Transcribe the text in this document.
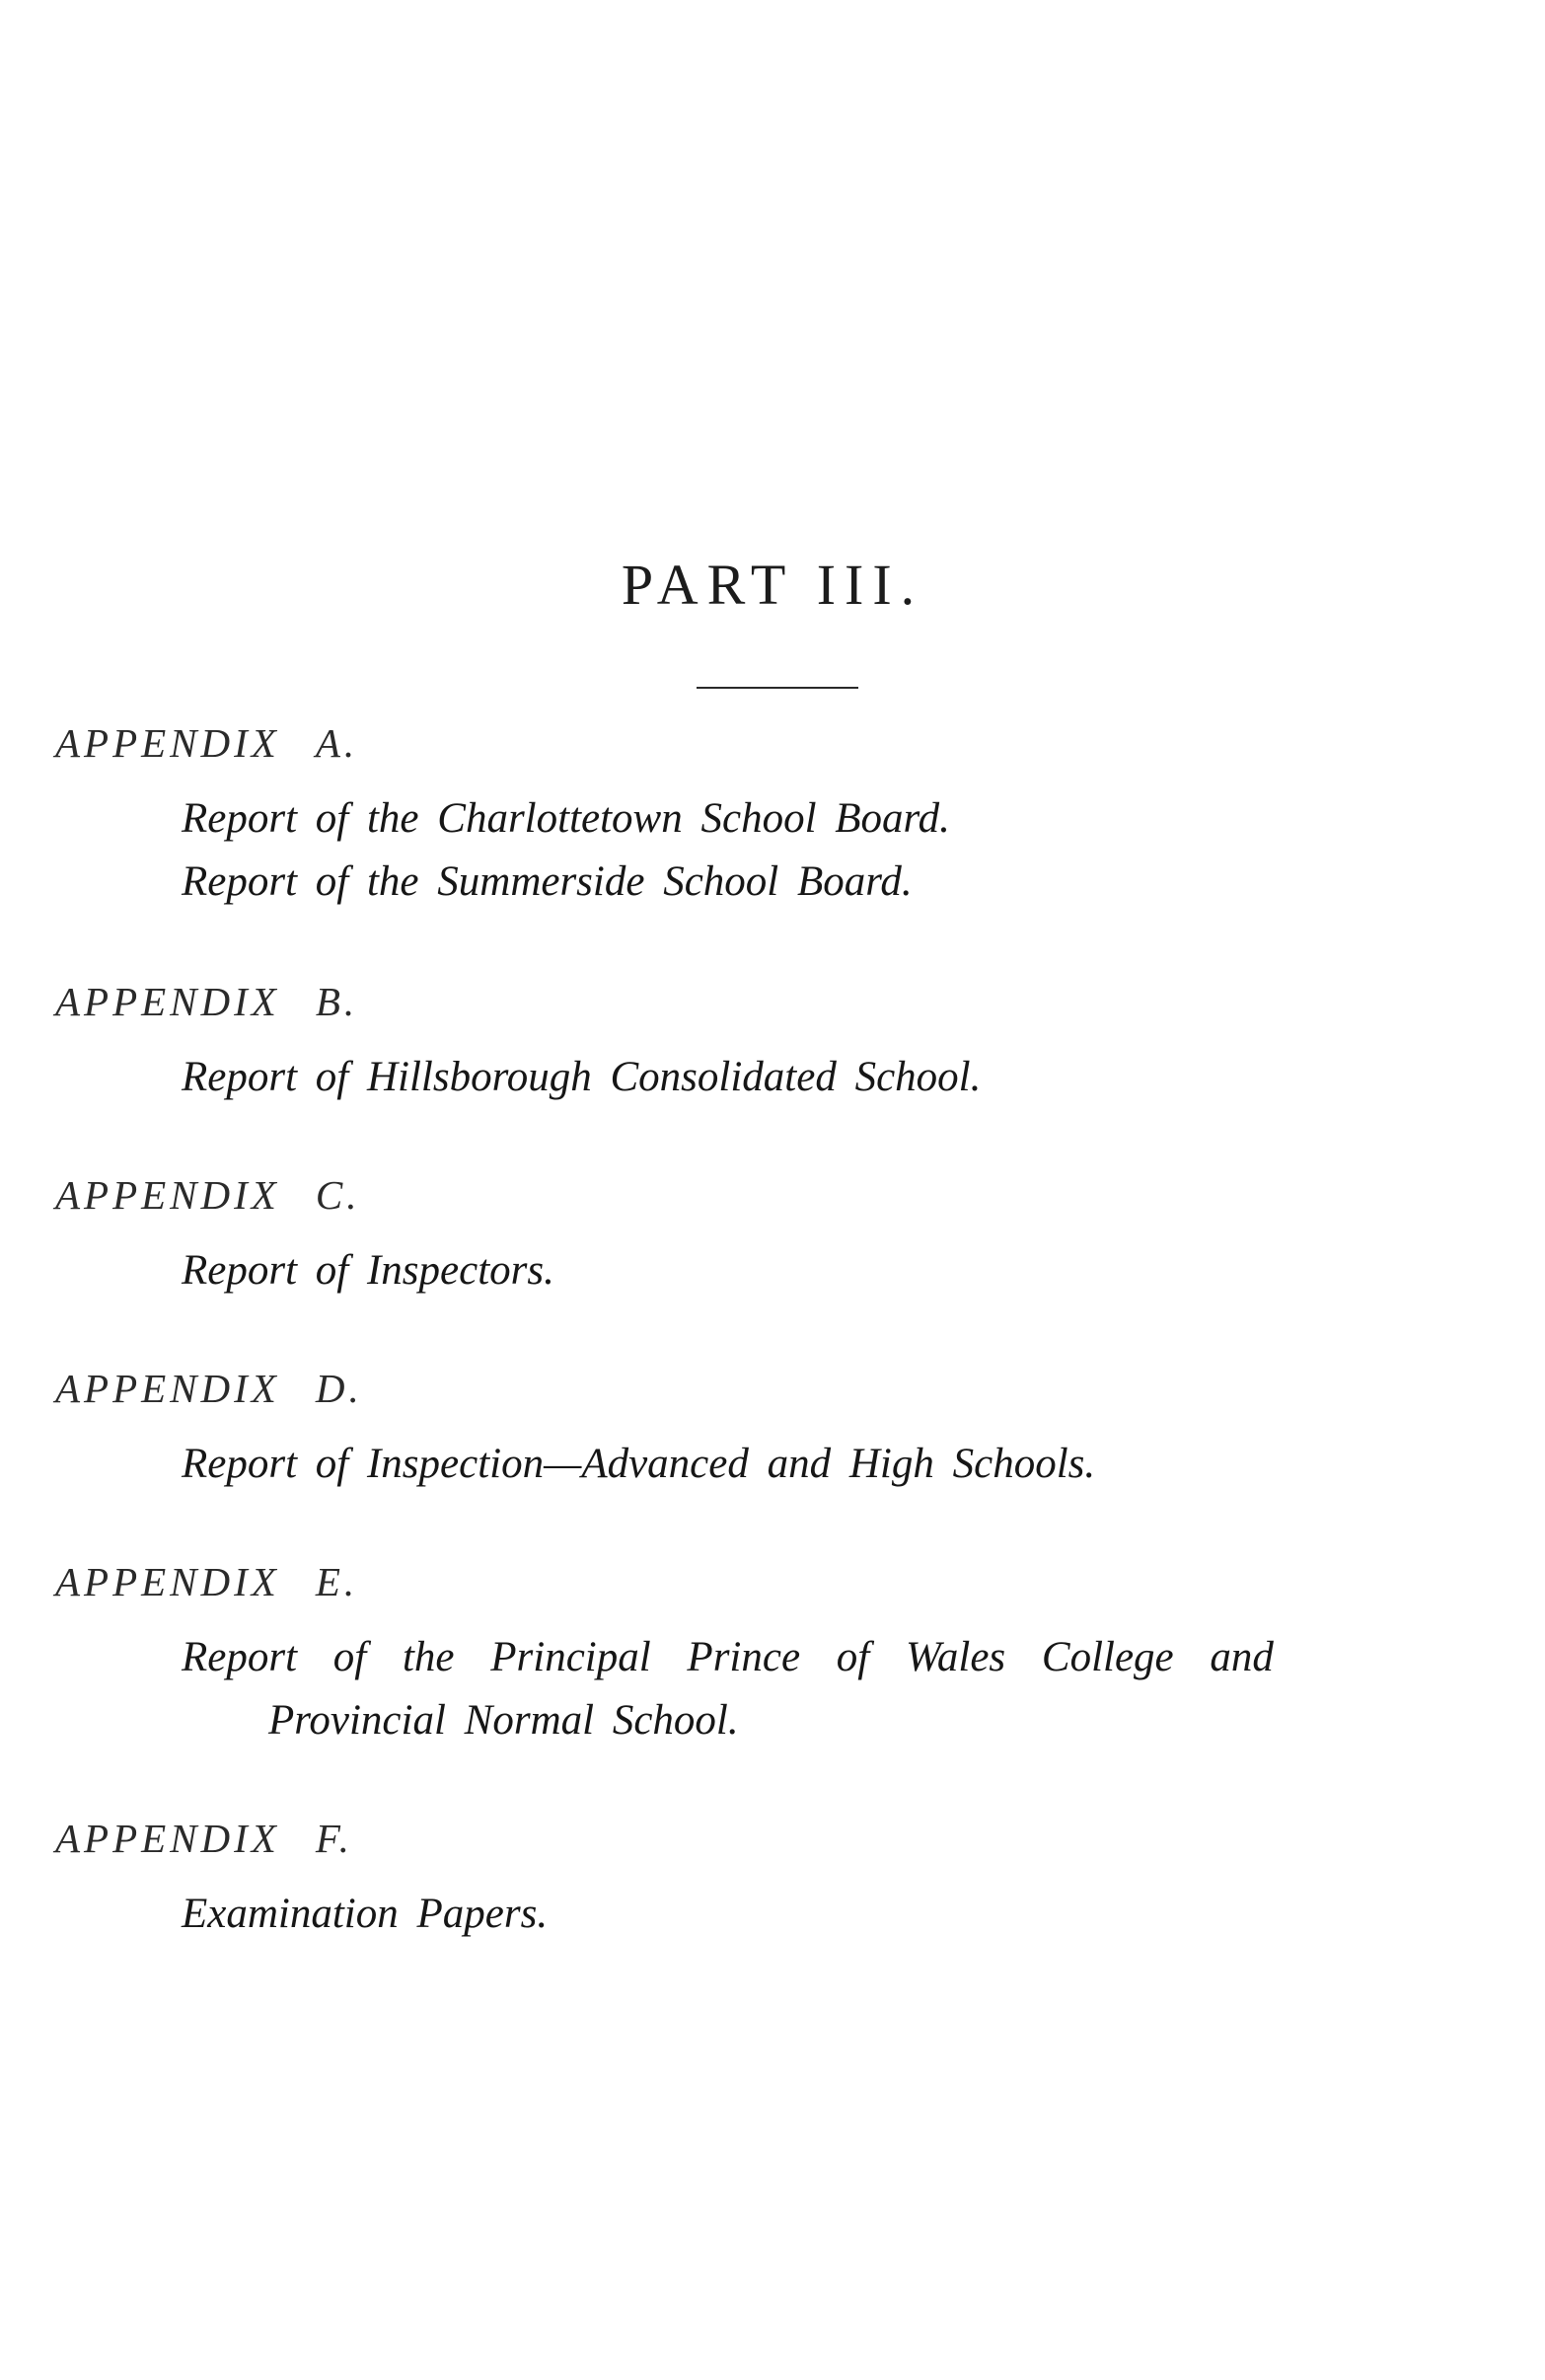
PART III.
APPENDIX A.
Report of the Charlottetown School Board.
Report of the Summerside School Board.
APPENDIX B.
Report of Hillsborough Consolidated School.
APPENDIX C.
Report of Inspectors.
APPENDIX D.
Report of Inspection—Advanced and High Schools.
APPENDIX E.
Report of the Principal Prince of Wales College and
Provincial Normal School.
APPENDIX F.
Examination Papers.
